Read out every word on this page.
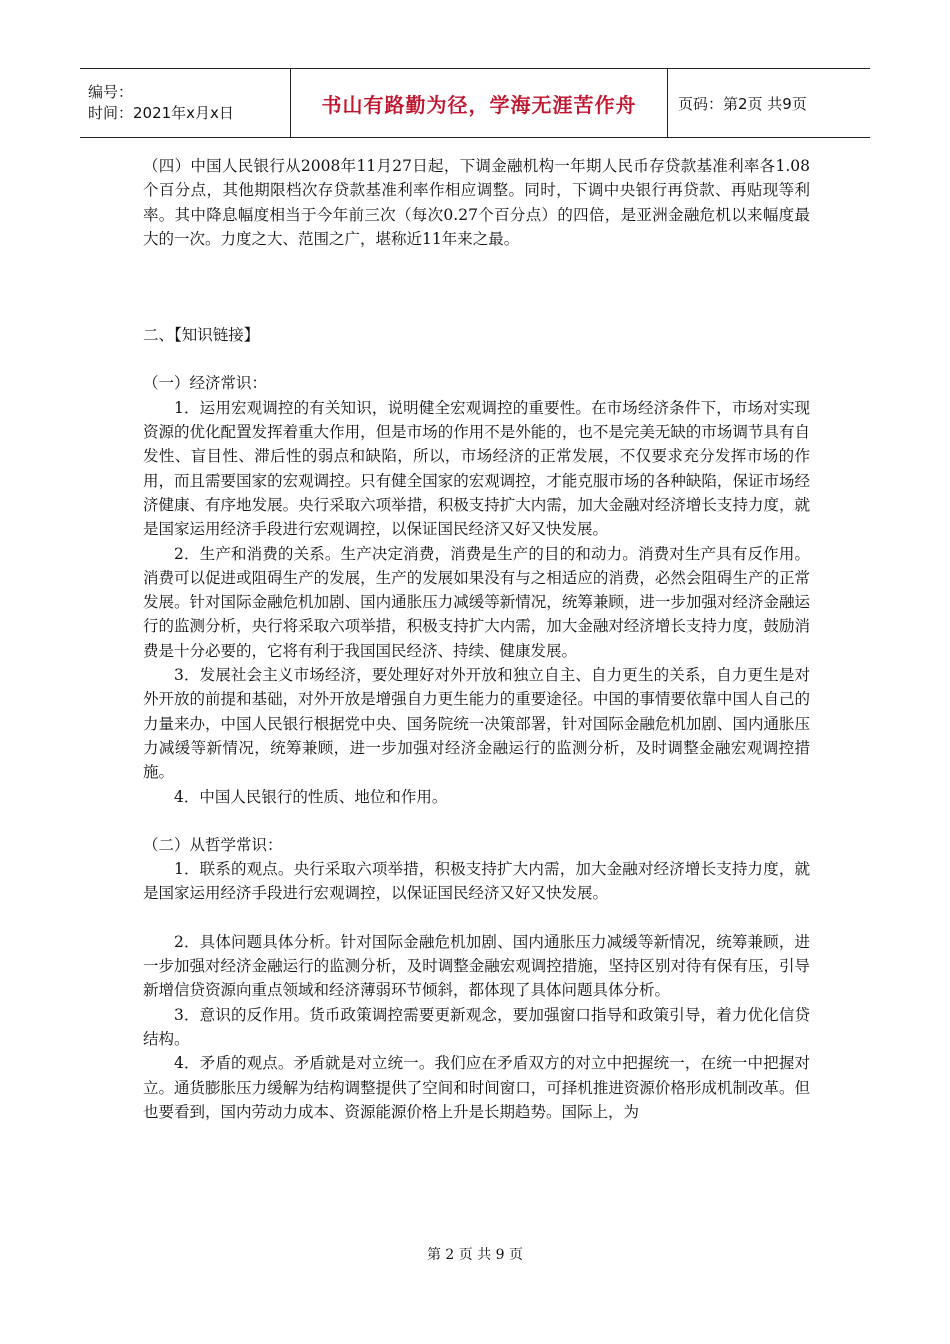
编号：
时间：2021年x月x日	书山有路勤为径，学海无涯苦作舟	页码：第2页 共9页

（四）中国人民银行从2008年11月27日起，下调金融机构一年期人民币存贷款基准利率各1.08个百分点，其他期限档次存贷款基准利率作相应调整。同时，下调中央银行再贷款、再贴现等利率。其中降息幅度相当于今年前三次（每次0.27个百分点）的四倍，是亚洲金融危机以来幅度最大的一次。力度之大、范围之广，堪称近11年来之最。

二、【知识链接】

（一）经济常识：

1．运用宏观调控的有关知识，说明健全宏观调控的重要性。在市场经济条件下，市场对实现资源的优化配置发挥着重大作用，但是市场的作用不是外能的，也不是完美无缺的市场调节具有自发性、盲目性、滞后性的弱点和缺陷，所以，市场经济的正常发展，不仅要求充分发挥市场的作用，而且需要国家的宏观调控。只有健全国家的宏观调控，才能克服市场的各种缺陷，保证市场经济健康、有序地发展。央行采取六项举措，积极支持扩大内需，加大金融对经济增长支持力度，就是国家运用经济手段进行宏观调控，以保证国民经济又好又快发展。

2．生产和消费的关系。生产决定消费，消费是生产的目的和动力。消费对生产具有反作用。消费可以促进或阻碍生产的发展，生产的发展如果没有与之相适应的消费，必然会阻碍生产的正常发展。针对国际金融危机加剧、国内通胀压力减缓等新情况，统筹兼顾，进一步加强对经济金融运行的监测分析，央行将采取六项举措，积极支持扩大内需，加大金融对经济增长支持力度，鼓励消费是十分必要的，它将有利于我国国民经济、持续、健康发展。

3．发展社会主义市场经济，要处理好对外开放和独立自主、自力更生的关系，自力更生是对外开放的前提和基础，对外开放是增强自力更生能力的重要途径。中国的事情要依靠中国人自己的力量来办，中国人民银行根据党中央、国务院统一决策部署，针对国际金融危机加剧、国内通胀压力减缓等新情况，统筹兼顾，进一步加强对经济金融运行的监测分析，及时调整金融宏观调控措施。

4．中国人民银行的性质、地位和作用。

（二）从哲学常识：

1．联系的观点。央行采取六项举措，积极支持扩大内需，加大金融对经济增长支持力度，就是国家运用经济手段进行宏观调控，以保证国民经济又好又快发展。

2．具体问题具体分析。针对国际金融危机加剧、国内通胀压力减缓等新情况，统筹兼顾，进一步加强对经济金融运行的监测分析，及时调整金融宏观调控措施，坚持区别对待有保有压，引导新增信贷资源向重点领域和经济薄弱环节倾斜，都体现了具体问题具体分析。

3．意识的反作用。货币政策调控需要更新观念，要加强窗口指导和政策引导，着力优化信贷结构。

4．矛盾的观点。矛盾就是对立统一。我们应在矛盾双方的对立中把握统一，在统一中把握对立。通货膨胀压力缓解为结构调整提供了空间和时间窗口，可择机推进资源价格形成机制改革。但也要看到，国内劳动力成本、资源能源价格上升是长期趋势。国际上，为

第 2 页 共 9 页
